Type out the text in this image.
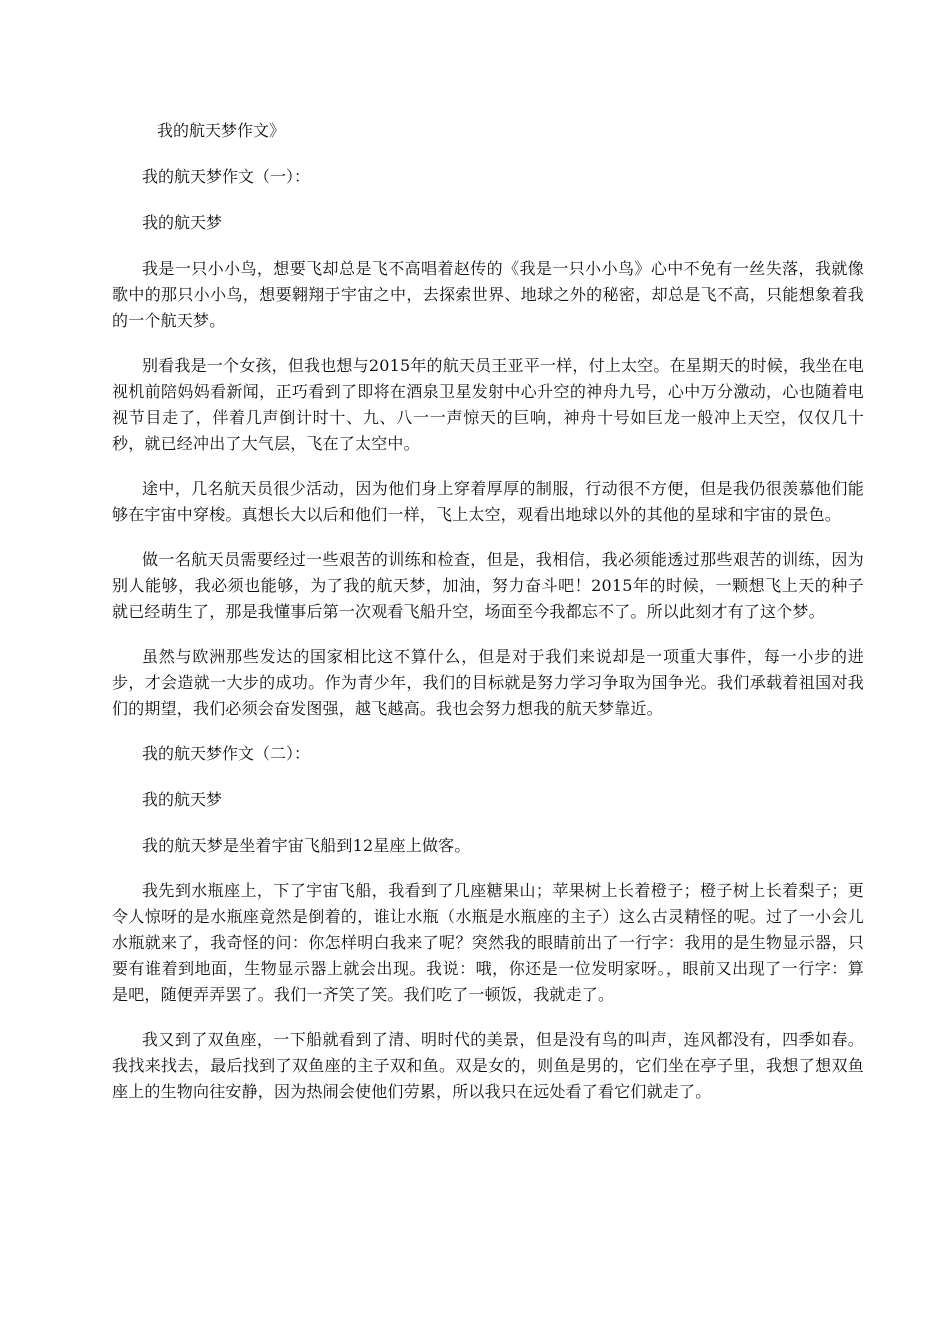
我的航天梦作文》
我的航天梦作文（一）：
我的航天梦

我是一只小小鸟，想要飞却总是飞不高唱着赵传的《我是一只小小鸟》心中不免有一丝失落，我就像歌中的那只小小鸟，想要翱翔于宇宙之中，去探索世界、地球之外的秘密，却总是飞不高，只能想象着我的一个航天梦。

别看我是一个女孩，但我也想与2015年的航天员王亚平一样，付上太空。在星期天的时候，我坐在电视机前陪妈妈看新闻，正巧看到了即将在酒泉卫星发射中心升空的神舟九号，心中万分激动，心也随着电视节目走了，伴着几声倒计时十、九、八一一声惊天的巨响，神舟十号如巨龙一般冲上天空，仅仅几十秒，就已经冲出了大气层，飞在了太空中。

途中，几名航天员很少活动，因为他们身上穿着厚厚的制服，行动很不方便，但是我仍很羡慕他们能够在宇宙中穿梭。真想长大以后和他们一样，飞上太空，观看出地球以外的其他的星球和宇宙的景色。

做一名航天员需要经过一些艰苦的训练和检查，但是，我相信，我必须能透过那些艰苦的训练，因为别人能够，我必须也能够，为了我的航天梦，加油，努力奋斗吧！2015年的时候，一颗想飞上天的种子就已经萌生了，那是我懂事后第一次观看飞船升空，场面至今我都忘不了。所以此刻才有了这个梦。

虽然与欧洲那些发达的国家相比这不算什么，但是对于我们来说却是一项重大事件，每一小步的进步，才会造就一大步的成功。作为青少年，我们的目标就是努力学习争取为国争光。我们承载着祖国对我们的期望，我们必须会奋发图强，越飞越高。我也会努力想我的航天梦靠近。

我的航天梦作文（二）：
我的航天梦

我的航天梦是坐着宇宙飞船到12星座上做客。

我先到水瓶座上，下了宇宙飞船，我看到了几座糖果山；苹果树上长着橙子；橙子树上长着梨子；更令人惊呀的是水瓶座竟然是倒着的，谁让水瓶（水瓶是水瓶座的主子）这么古灵精怪的呢。过了一小会儿水瓶就来了，我奇怪的问：你怎样明白我来了呢？突然我的眼睛前出了一行字：我用的是生物显示器，只要有谁着到地面，生物显示器上就会出现。我说：哦，你还是一位发明家呀。，眼前又出现了一行字：算是吧，随便弄弄罢了。我们一齐笑了笑。我们吃了一顿饭，我就走了。

我又到了双鱼座，一下船就看到了清、明时代的美景，但是没有鸟的叫声，连风都没有，四季如春。我找来找去，最后找到了双鱼座的主子双和鱼。双是女的，则鱼是男的，它们坐在亭子里，我想了想双鱼座上的生物向往安静，因为热闹会使他们劳累，所以我只在远处看了看它们就走了。
